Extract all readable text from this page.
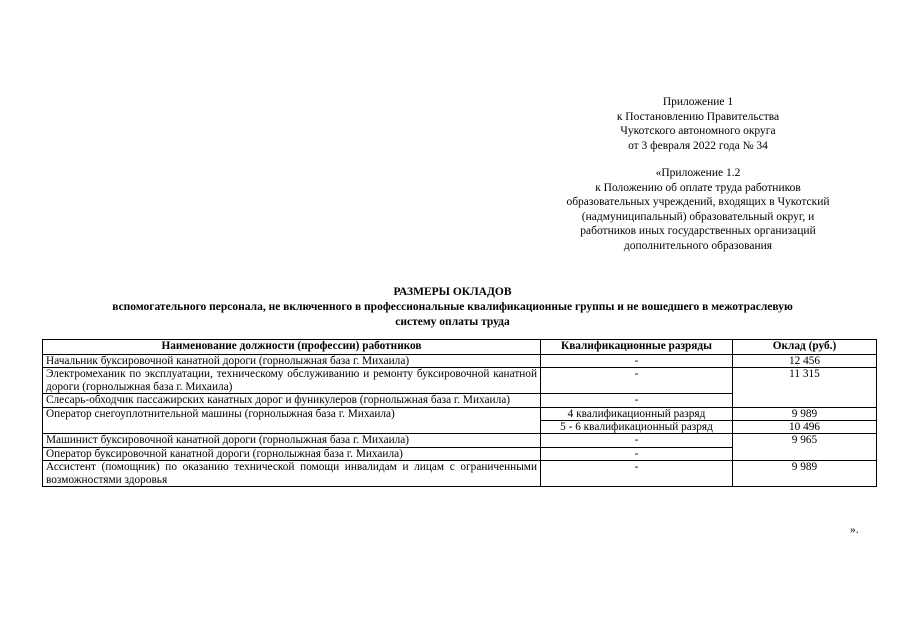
Приложение 1
к Постановлению Правительства
Чукотского автономного округа
от 3 февраля 2022 года № 34
«Приложение 1.2
к Положению об оплате труда работников
образовательных учреждений, входящих в Чукотский
(надмуниципальный) образовательный округ, и
работников иных государственных организаций
дополнительного образования
РАЗМЕРЫ ОКЛАДОВ
вспомогательного персонала, не включенного в профессиональные квалификационные группы и не вошедшего в межотраслевую
систему оплаты труда
Наименование должности (профессии) работников	Квалификационные разряды	Оклад (руб.)
Начальник буксировочной канатной дороги (горнолыжная база г. Михаила)	-	12 456
Электромеханик по эксплуатации, техническому обслуживанию и ремонту буксировочной канатной дороги (горнолыжная база г. Михаила)	-	11 315
Слесарь-обходчик пассажирских канатных дорог и фуникулеров (горнолыжная база г. Михаила)	-	
Оператор снегоуплотнительной машины (горнолыжная база г. Михаила)	4 квалификационный разряд	9 989
	5 - 6 квалификационный разряд	10 496
Машинист буксировочной канатной дороги (горнолыжная база г. Михаила)	-	9 965
Оператор буксировочной канатной дороги (горнолыжная база г. Михаила)	-	
Ассистент (помощник) по оказанию технической помощи инвалидам и лицам с ограниченными возможностями здоровья	-	9 989
».
